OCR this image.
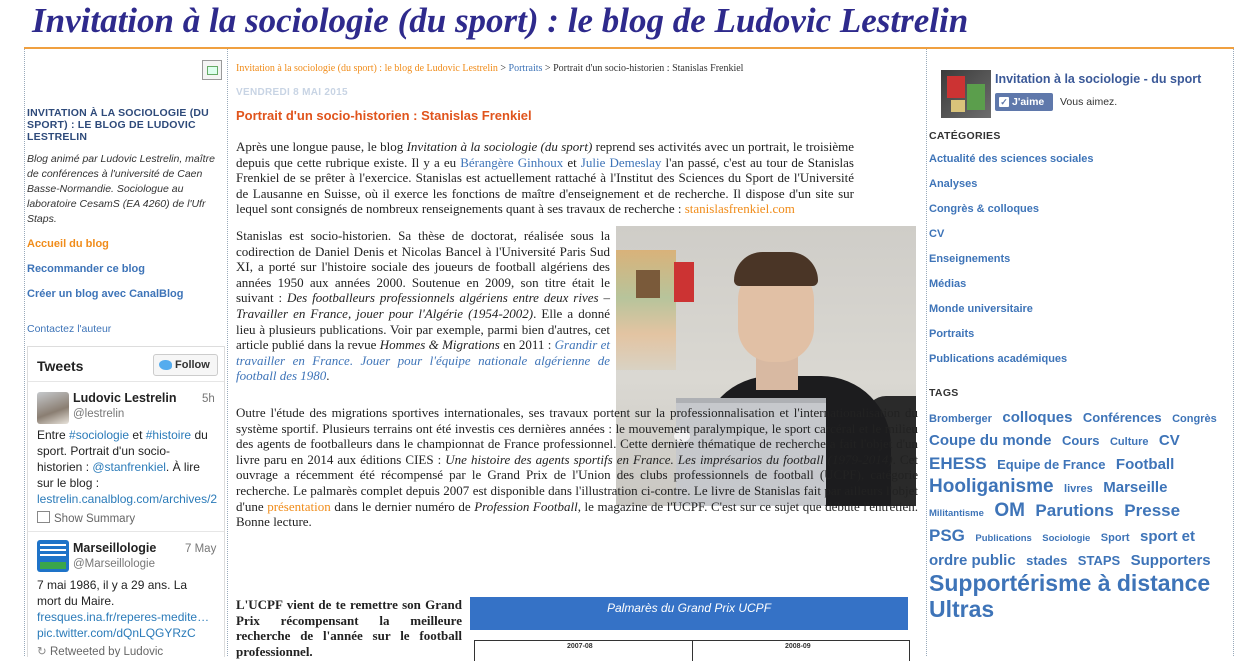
Invitation à la sociologie (du sport) : le blog de Ludovic Lestrelin
INVITATION À LA SOCIOLOGIE (DU SPORT) : LE BLOG DE LUDOVIC LESTRELIN
Blog animé par Ludovic Lestrelin, maître de conférences à l'université de Caen Basse-Normandie. Sociologue au laboratoire CesamS (EA 4260) de l'Ufr Staps.
Accueil du blog
Recommander ce blog
Créer un blog avec CanalBlog
Contactez l'auteur
Tweets	Follow
Ludovic Lestrelin
@lestrelin
5h
Entre #sociologie et #histoire du
sport. Portrait d'un socio-
historien : @stanfrenkiel. À lire
sur le blog :
lestrelin.canalblog.com/archives/2
Show Summary
Marseillologie
@Marseillologie
7 May
7 mai 1986, il y a 29 ans. La
mort du Maire.
fresques.ina.fr/reperes-medite…
pic.twitter.com/dQnLQGYRzC
↻ Retweeted by Ludovic
Invitation à la sociologie (du sport) : le blog de Ludovic Lestrelin > Portraits > Portrait d'un socio-historien : Stanislas Frenkiel
VENDREDI 8 MAI 2015
Portrait d'un socio-historien : Stanislas Frenkiel
Après une longue pause, le blog Invitation à la sociologie (du sport) reprend ses activités avec un portrait, le troisième depuis que cette rubrique existe. Il y a eu Bérangère Ginhoux et Julie Demeslay l'an passé, c'est au tour de Stanislas Frenkiel de se prêter à l'exercice. Stanislas est actuellement rattaché à l'Institut des Sciences du Sport de l'Université de Lausanne en Suisse, où il exerce les fonctions de maître d'enseignement et de recherche. Il dispose d'un site sur lequel sont consignés de nombreux renseignements quant à ses travaux de recherche : stanislasfrenkiel.com
Stanislas est socio-historien. Sa thèse de doctorat, réalisée sous la codirection de Daniel Denis et Nicolas Bancel à l'Université Paris Sud XI, a porté sur l'histoire sociale des joueurs de football algériens des années 1950 aux années 2000. Soutenue en 2009, son titre était le suivant : Des footballeurs professionnels algériens entre deux rives – Travailler en France, jouer pour l'Algérie (1954-2002). Elle a donné lieu à plusieurs publications. Voir par exemple, parmi bien d'autres, cet article publié dans la revue Hommes & Migrations en 2011 : Grandir et travailler en France. Jouer pour l'équipe nationale algérienne de football des 1980.
Outre l'étude des migrations sportives internationales, ses travaux portent sur la professionnalisation et l'internationalisation du système sportif. Plusieurs terrains ont été investis ces dernières années : le mouvement paralympique, le sport carcéral et le milieu des agents de footballeurs dans le championnat de France professionnel. Cette dernière thématique de recherche a fait l'objet d'un livre paru en 2014 aux éditions CIES : Une histoire des agents sportifs en France. Les imprésarios du football (1979-2014). Cet ouvrage a récemment été récompensé par le Grand Prix de l'Union des clubs professionnels de football (UCPF), catégorie recherche. Le palmarès complet depuis 2007 est disponible dans l'illustration ci-contre. Le livre de Stanislas fait par ailleurs l'objet d'une présentation dans le dernier numéro de Profession Football, le magazine de l'UCPF. C'est sur ce sujet que débute l'entretien. Bonne lecture.
L'UCPF vient de te remettre son Grand Prix récompensant la meilleure recherche de l'année sur le football professionnel.
Palmarès du Grand Prix UCPF
2007-08	2008-09
Invitation à la sociologie - du sport
✓ J'aime	Vous aimez.
CATÉGORIES
Actualité des sciences sociales
Analyses
Congrès & colloques
CV
Enseignements
Médias
Monde universitaire
Portraits
Publications académiques
TAGS
Bromberger colloques Conférences Congrès Coupe du monde Cours Culture CV EHESS Equipe de France Football Hooliganisme livres Marseille Militantisme OM Parutions Presse PSG Publications Sociologie Sport sport et ordre public stades STAPS Supporters Supportérisme à distance Ultras
